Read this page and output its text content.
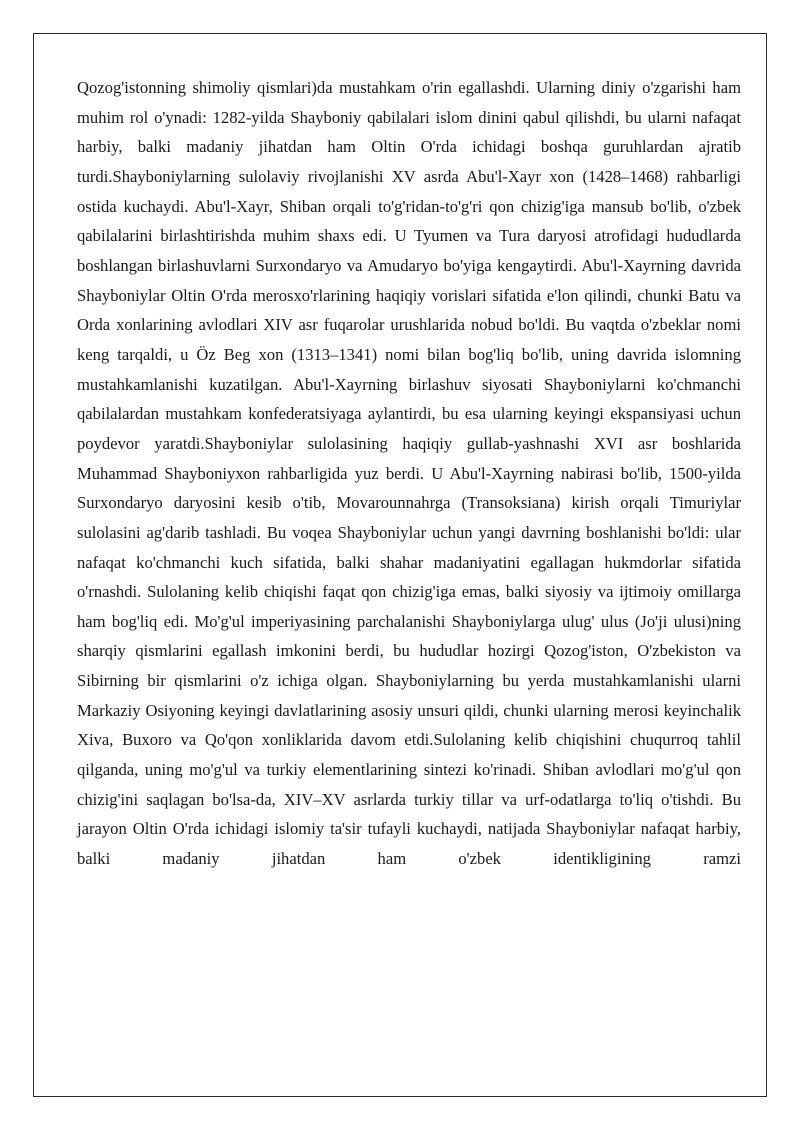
Qozog'istonning shimoliy qismlari)da mustahkam o'rin egallashdi. Ularning diniy o'zgarishi ham muhim rol o'ynadi: 1282-yilda Shayboniy qabilalari islom dinini qabul qilishdi, bu ularni nafaqat harbiy, balki madaniy jihatdan ham Oltin O'rda ichidagi boshqa guruhlardan ajratib turdi.Shayboniylarning sulolaviy rivojlanishi XV asrda Abu'l-Xayr xon (1428–1468) rahbarligi ostida kuchaydi. Abu'l-Xayr, Shiban orqali to'g'ridan-to'g'ri qon chizig'iga mansub bo'lib, o'zbek qabilalarini birlashtirishda muhim shaxs edi. U Tyumen va Tura daryosi atrofidagi hududlarda boshlangan birlashuvlarni Surxondaryo va Amudaryo bo'yiga kengaytirdi. Abu'l-Xayrning davrida Shayboniylar Oltin O'rda merosxo'rlarining haqiqiy vorislari sifatida e'lon qilindi, chunki Batu va Orda xonlarining avlodlari XIV asr fuqarolar urushlarida nobud bo'ldi. Bu vaqtda o'zbeklar nomi keng tarqaldi, u Öz Beg xon (1313–1341) nomi bilan bog'liq bo'lib, uning davrida islomning mustahkamlanishi kuzatilgan. Abu'l-Xayrning birlashuv siyosati Shayboniylarni ko'chmanchi qabilalardan mustahkam konfederatsiyaga aylantirdi, bu esa ularning keyingi ekspansiyasi uchun poydevor yaratdi.Shayboniylar sulolasining haqiqiy gullab-yashnashi XVI asr boshlarida Muhammad Shayboniyxon rahbarligida yuz berdi. U Abu'l-Xayrning nabirasi bo'lib, 1500-yilda Surxondaryo daryosini kesib o'tib, Movarounnahrga (Transoksiana) kirish orqali Timuriylar sulolasini ag'darib tashladi. Bu voqea Shayboniylar uchun yangi davrning boshlanishi bo'ldi: ular nafaqat ko'chmanchi kuch sifatida, balki shahar madaniyatini egallagan hukmdorlar sifatida o'rnashdi. Sulolaning kelib chiqishi faqat qon chizig'iga emas, balki siyosiy va ijtimoiy omillarga ham bog'liq edi. Mo'g'ul imperiyasining parchalanishi Shayboniylarga ulug' ulus (Jo'ji ulusi)ning sharqiy qismlarini egallash imkonini berdi, bu hududlar hozirgi Qozog'iston, O'zbekiston va Sibirning bir qismlarini o'z ichiga olgan. Shayboniylarning bu yerda mustahkamlanishi ularni Markaziy Osiyoning keyingi davlatlarining asosiy unsuri qildi, chunki ularning merosi keyinchalik Xiva, Buxoro va Qo'qon xonliklarida davom etdi.Sulolaning kelib chiqishini chuqurroq tahlil qilganda, uning mo'g'ul va turkiy elementlarining sintezi ko'rinadi. Shiban avlodlari mo'g'ul qon chizig'ini saqlagan bo'lsa-da, XIV–XV asrlarda turkiy tillar va urf-odatlarga to'liq o'tishdi. Bu jarayon Oltin O'rda ichidagi islomiy ta'sir tufayli kuchaydi, natijada Shayboniylar nafaqat harbiy, balki madaniy jihatdan ham o'zbek identikligining ramzi
